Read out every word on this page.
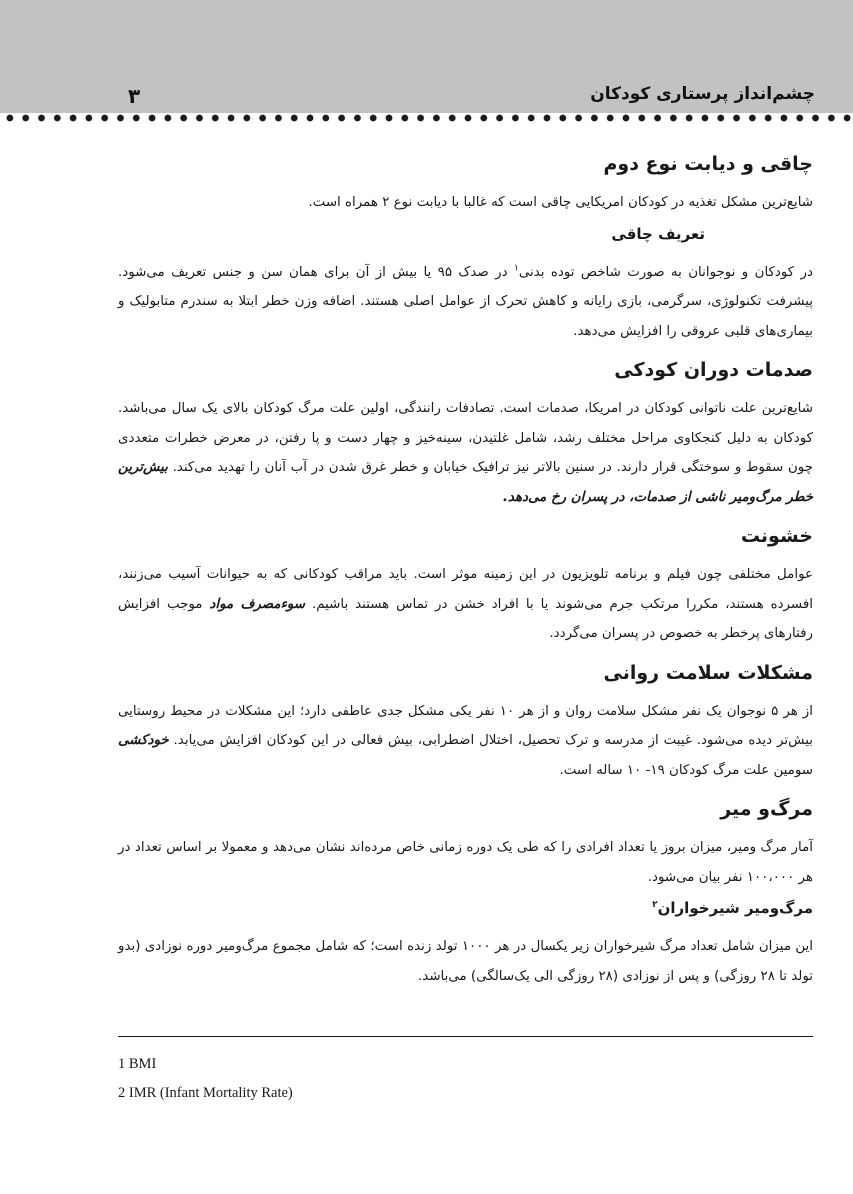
چشم‌انداز پرستاری کودکان
۳
چاقی و دیابت نوع دوم

شایع‌ترین مشکل تغذیه در کودکان امریکایی چاقی است که غالبا با دیابت نوع ۲ همراه است.

تعریف چاقی

در کودکان و نوجوانان به صورت شاخص توده بدنی$^۱$ در صدک ۹۵ یا بیش از آن برای همان سن و جنس تعریف می‌شود. پیشرفت تکنولوژی، سرگرمی، بازی رایانه و کاهش تحرک از عوامل اصلی هستند. اضافه وزن خطر ابتلا به سندرم متابولیک و بیماری‌های قلبی عروقی را افزایش می‌دهد.

صدمات دوران کودکی

شایع‌ترین علت ناتوانی کودکان در امریکا، صدمات است. تصادفات رانندگی، اولین علت مرگ کودکان بالای یک سال می‌باشد. کودکان به دلیل کنجکاوی مراحل مختلف رشد، شامل غلتیدن، سینه‌خیز و چهار دست و پا رفتن، در معرض خطرات متعددی چون سقوط و سوختگی قرار دارند. در سنین بالاتر نیز ترافیک خیابان و خطر غرق شدن در آب آنان را تهدید می‌کند. بیش‌ترین خطر مرگ‌ومیر ناشی از صدمات، در پسران رخ می‌دهد.

خشونت

عوامل مختلفی چون فیلم و برنامه تلویزیون در این زمینه موثر است. باید مراقب کودکانی که به حیوانات آسیب می‌زنند، افسرده هستند، مکررا مرتکب جرم می‌شوند یا با افراد خشن در تماس هستند باشیم. سوءمصرف مواد موجب افزایش رفتارهای پرخطر به خصوص در پسران می‌گردد.

مشکلات سلامت روانی

از هر ۵ نوجوان یک نفر مشکل سلامت روان و از هر ۱۰ نفر یکی مشکل جدی عاطفی دارد؛ این مشکلات در محیط روستایی بیش‌تر دیده می‌شود. غیبت از مدرسه و ترک تحصیل، اختلال اضطرابی، بیش فعالی در این کودکان افزایش می‌یابد. خودکشی سومین علت مرگ کودکان ۱۹- ۱۰ ساله است.

مرگ‌و میر

آمار مرگ ومیر، میزان بروز یا تعداد افرادی را که طی یک دوره زمانی خاص مرده‌اند نشان می‌دهد و معمولا بر اساس تعداد در هر ۱۰۰،۰۰۰ نفر بیان می‌شود.

مرگ‌ومیر شیرخواران$^۲$

این میزان شامل تعداد مرگ شیرخواران زیر یکسال در هر ۱۰۰۰ تولد زنده است؛ که شامل مجموع مرگ‌ومیر دوره نوزادی (بدو تولد تا ۲۸ روزگی) و پس از نوزادی (۲۸ روزگی الی یک‌سالگی) می‌باشد.

1 BMI
2 IMR (Infant Mortality Rate)
